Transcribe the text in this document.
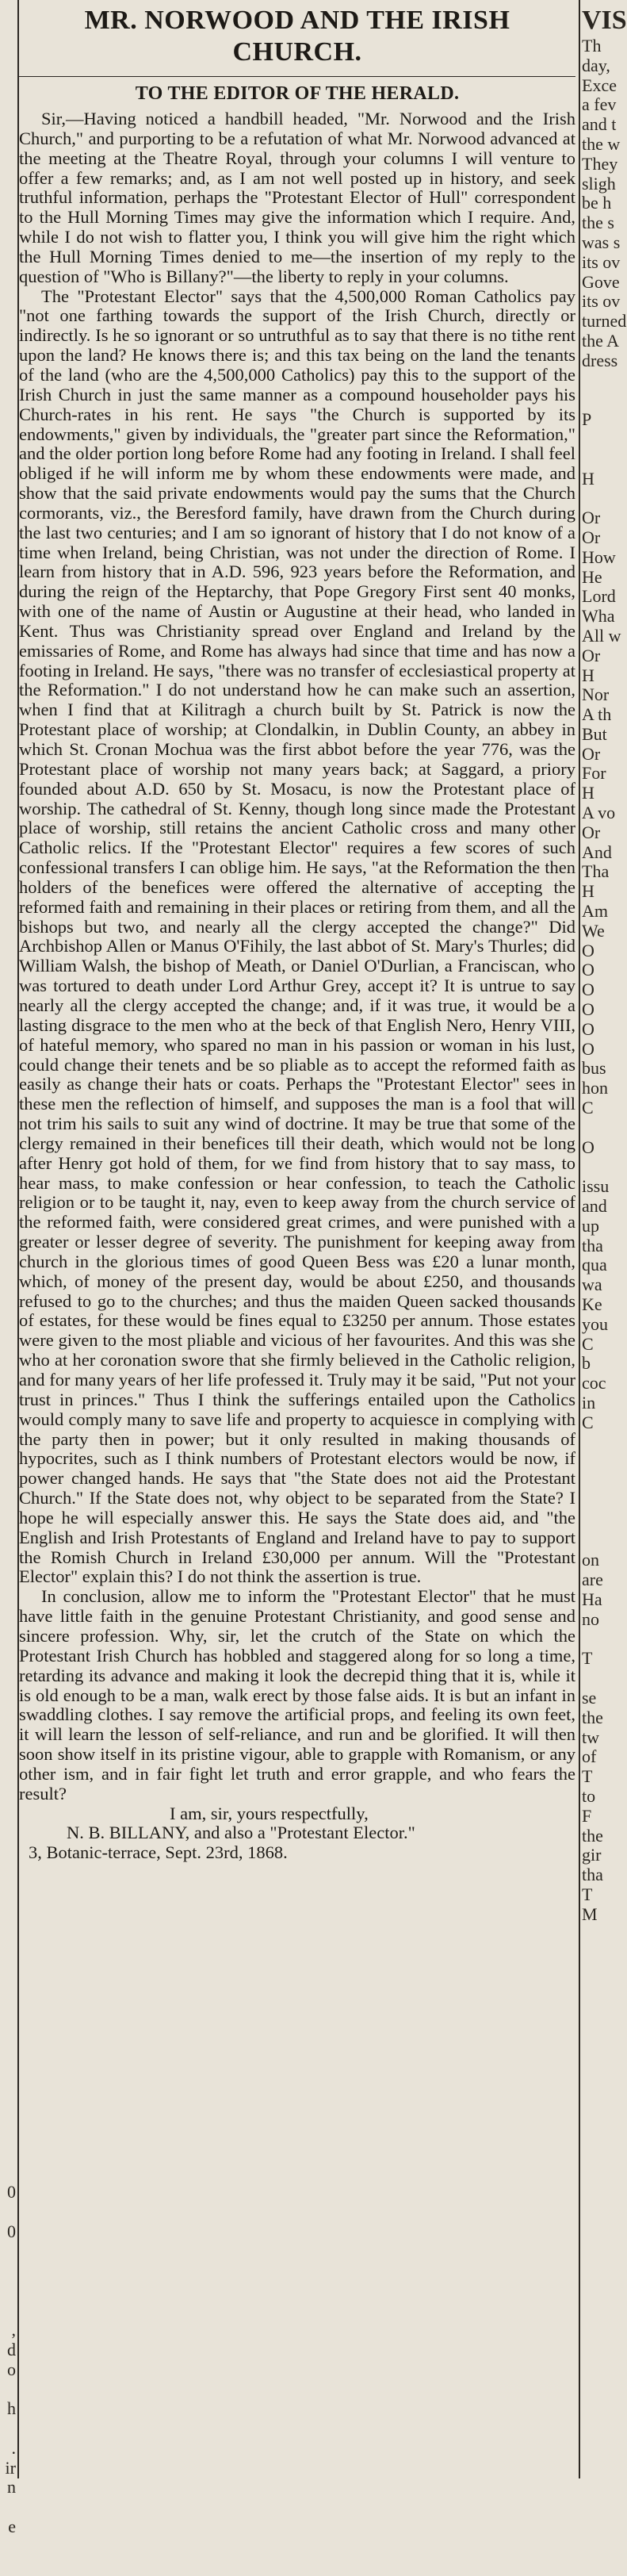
0
0
,
d
o
h
.
ir
n
e
MR. NORWOOD AND THE IRISH CHURCH.
TO THE EDITOR OF THE HERALD.

Sir,—Having noticed a handbill headed, "Mr. Norwood and the Irish Church," and purporting to be a refutation of what Mr. Norwood advanced at the meeting at the Theatre Royal, through your columns I will venture to offer a few remarks; and, as I am not well posted up in history, and seek truthful information, perhaps the "Protestant Elector of Hull" correspondent to the Hull Morning Times may give the information which I require. And, while I do not wish to flatter you, I think you will give him the right which the Hull Morning Times denied to me—the insertion of my reply to the question of "Who is Billany?"—the liberty to reply in your columns.

The "Protestant Elector" says that the 4,500,000 Roman Catholics pay "not one farthing towards the support of the Irish Church, directly or indirectly. Is he so ignorant or so untruthful as to say that there is no tithe rent upon the land? He knows there is; and this tax being on the land the tenants of the land (who are the 4,500,000 Catholics) pay this to the support of the Irish Church in just the same manner as a compound householder pays his Church-rates in his rent. He says "the Church is supported by its endowments," given by individuals, the "greater part since the Reformation," and the older portion long before Rome had any footing in Ireland. I shall feel obliged if he will inform me by whom these endowments were made, and show that the said private endowments would pay the sums that the Church cormorants, viz., the Beresford family, have drawn from the Church during the last two centuries; and I am so ignorant of history that I do not know of a time when Ireland, being Christian, was not under the direction of Rome. I learn from history that in A.D. 596, 923 years before the Reformation, and during the reign of the Heptarchy, that Pope Gregory First sent 40 monks, with one of the name of Austin or Augustine at their head, who landed in Kent. Thus was Christianity spread over England and Ireland by the emissaries of Rome, and Rome has always had since that time and has now a footing in Ireland. He says, "there was no transfer of ecclesiastical property at the Reformation." I do not understand how he can make such an assertion, when I find that at Kilitragh a church built by St. Patrick is now the Protestant place of worship; at Clondalkin, in Dublin County, an abbey in which St. Cronan Mochua was the first abbot before the year 776, was the Protestant place of worship not many years back; at Saggard, a priory founded about A.D. 650 by St. Mosacu, is now the Protestant place of worship. The cathedral of St. Kenny, though long since made the Protestant place of worship, still retains the ancient Catholic cross and many other Catholic relics. If the "Protestant Elector" requires a few scores of such confessional transfers I can oblige him. He says, "at the Reformation the then holders of the benefices were offered the alternative of accepting the reformed faith and remaining in their places or retiring from them, and all the bishops but two, and nearly all the clergy accepted the change?" Did Archbishop Allen or Manus O'Fihily, the last abbot of St. Mary's Thurles; did William Walsh, the bishop of Meath, or Daniel O'Durlian, a Franciscan, who was tortured to death under Lord Arthur Grey, accept it? It is untrue to say nearly all the clergy accepted the change; and, if it was true, it would be a lasting disgrace to the men who at the beck of that English Nero, Henry VIII, of hateful memory, who spared no man in his passion or woman in his lust, could change their tenets and be so pliable as to accept the reformed faith as easily as change their hats or coats. Perhaps the "Protestant Elector" sees in these men the reflection of himself, and supposes the man is a fool that will not trim his sails to suit any wind of doctrine. It may be true that some of the clergy remained in their benefices till their death, which would not be long after Henry got hold of them, for we find from history that to say mass, to hear mass, to make confession or hear confession, to teach the Catholic religion or to be taught it, nay, even to keep away from the church service of the reformed faith, were considered great crimes, and were punished with a greater or lesser degree of severity. The punishment for keeping away from church in the glorious times of good Queen Bess was £20 a lunar month, which, of money of the present day, would be about £250, and thousands refused to go to the churches; and thus the maiden Queen sacked thousands of estates, for these would be fines equal to £3250 per annum. Those estates were given to the most pliable and vicious of her favourites. And this was she who at her coronation swore that she firmly believed in the Catholic religion, and for many years of her life professed it. Truly may it be said, "Put not your trust in princes." Thus I think the sufferings entailed upon the Catholics would comply many to save life and property to acquiesce in complying with the party then in power; but it only resulted in making thousands of hypocrites, such as I think numbers of Protestant electors would be now, if power changed hands. He says that "the State does not aid the Protestant Church." If the State does not, why object to be separated from the State? I hope he will especially answer this. He says the State does aid, and "the English and Irish Protestants of England and Ireland have to pay to support the Romish Church in Ireland £30,000 per annum. Will the "Protestant Elector" explain this? I do not think the assertion is true.

In conclusion, allow me to inform the "Protestant Elector" that he must have little faith in the genuine Protestant Christianity, and good sense and sincere profession. Why, sir, let the crutch of the State on which the Protestant Irish Church has hobbled and staggered along for so long a time, retarding its advance and making it look the decrepid thing that it is, while it is old enough to be a man, walk erect by those false aids. It is but an infant in swaddling clothes. I say remove the artificial props, and feeling its own feet, it will learn the lesson of self-reliance, and run and be glorified. It will then soon show itself in its pristine vigour, able to grapple with Romanism, or any other ism, and in fair fight let truth and error grapple, and who fears the result?

I am, sir, yours respectfully,
N. B. BILLANY, and also a "Protestant Elector."
3, Botanic-terrace, Sept. 23rd, 1868.
VIS
Th
day,
Exce
a fev
and t
the w
They
sligh
be h
the s
was s
its ov
Gove
its ov
turned
the A
dress
P
H
Or
Or
How
He
Lord
Wha
All w
Or
H
Nor
A th
But
Or
For
H
A vo
Or
And
Tha
H
Am
We
O
O
O
O
O
O
bus
hon
C
O
issu
and
up
tha
qua
wa
Ke
you
C
b
coc
in
C
on
are
Ha
no
T
se
the
tw
of
T
to
F
the
gir
tha
T
M
